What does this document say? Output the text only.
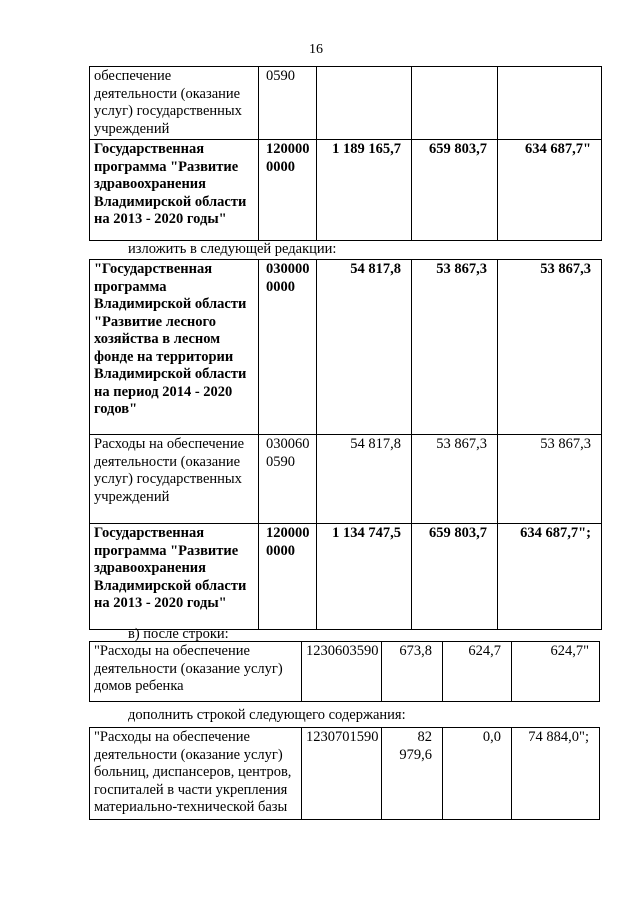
16
обеспечение деятельности (оказание услуг) государственных учреждений	0590			
Государственная программа "Развитие здравоохранения Владимирской области на 2013 - 2020 годы"	120000 0000	1 189 165,7	659 803,7	634 687,7"
изложить в следующей редакции:
"Государственная программа Владимирской области "Развитие лесного хозяйства в лесном фонде на территории Владимирской области на период 2014 - 2020 годов"	030000 0000	54 817,8	53 867,3	53 867,3
Расходы на обеспечение деятельности (оказание услуг) государственных учреждений	030060 0590	54 817,8	53 867,3	53 867,3
Государственная программа "Развитие здравоохранения Владимирской области на 2013 - 2020 годы"	120000 0000	1 134 747,5	659 803,7	634 687,7";
в) после строки:
"Расходы на обеспечение деятельности (оказание услуг) домов ребенка	1230603590	673,8	624,7	624,7"
дополнить строкой следующего содержания:
"Расходы на обеспечение деятельности (оказание услуг) больниц, диспансеров, центров, госпиталей в части укрепления материально-технической базы	1230701590	82 979,6	0,0	74 884,0";
